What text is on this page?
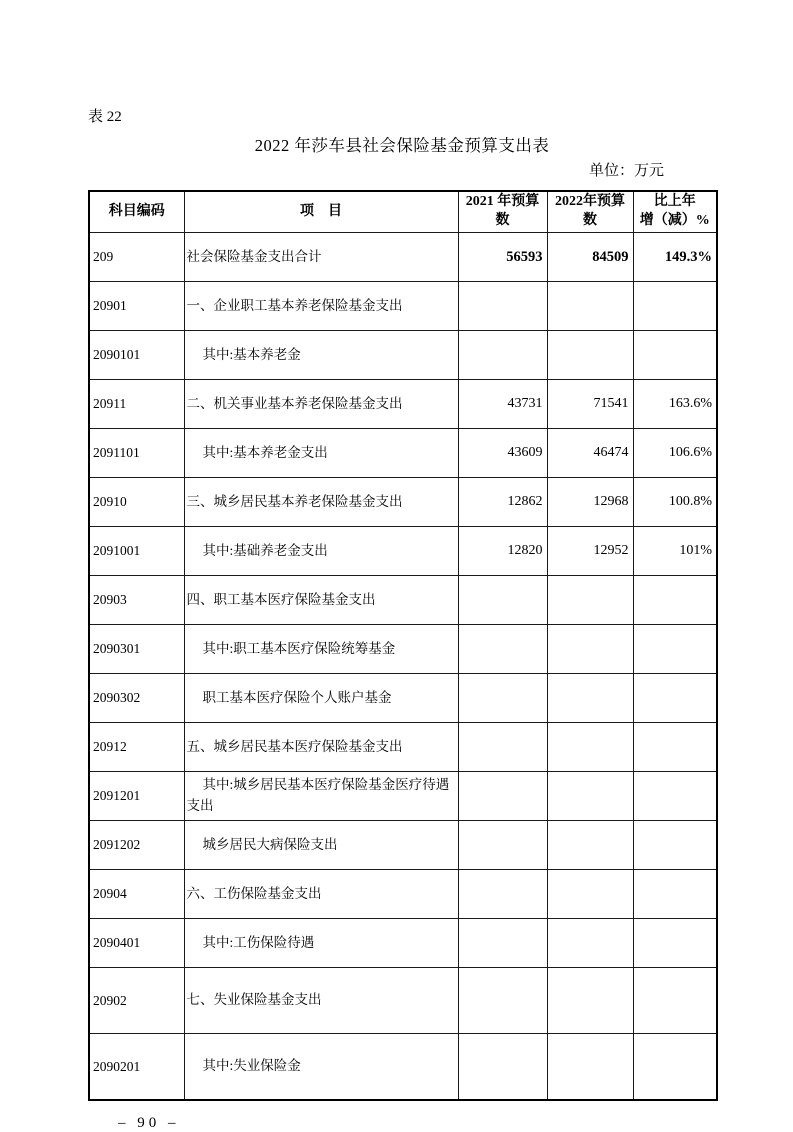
表 22
2022 年莎车县社会保险基金预算支出表
单位：万元
科目编码	项　目	2021 年预算数	2022年预算数	比上年
增（减）%

209	社会保险基金支出合计	56593	84509	149.3%
20901	一、企业职工基本养老保险基金支出			

2090101	其中:基本养老金			

20911	二、机关事业基本养老保险基金支出	43731	71541	163.6%
2091101	其中:基本养老金支出	43609	46474	106.6%
20910	三、城乡居民基本养老保险基金支出	12862	12968	100.8%
2091001	其中:基础养老金支出	12820	12952	101%
20903	四、职工基本医疗保险基金支出			

2090301	其中:职工基本医疗保险统筹基金			

2090302	职工基本医疗保险个人账户基金			

20912	五、城乡居民基本医疗保险基金支出			

2091201	其中:城乡居民基本医疗保险基金医疗待遇
支出			

2091202	城乡居民大病保险支出			

20904	六、工伤保险基金支出			

2090401	其中:工伤保险待遇			

20902	七、失业保险基金支出			

2090201	其中:失业保险金			

– 90 –
